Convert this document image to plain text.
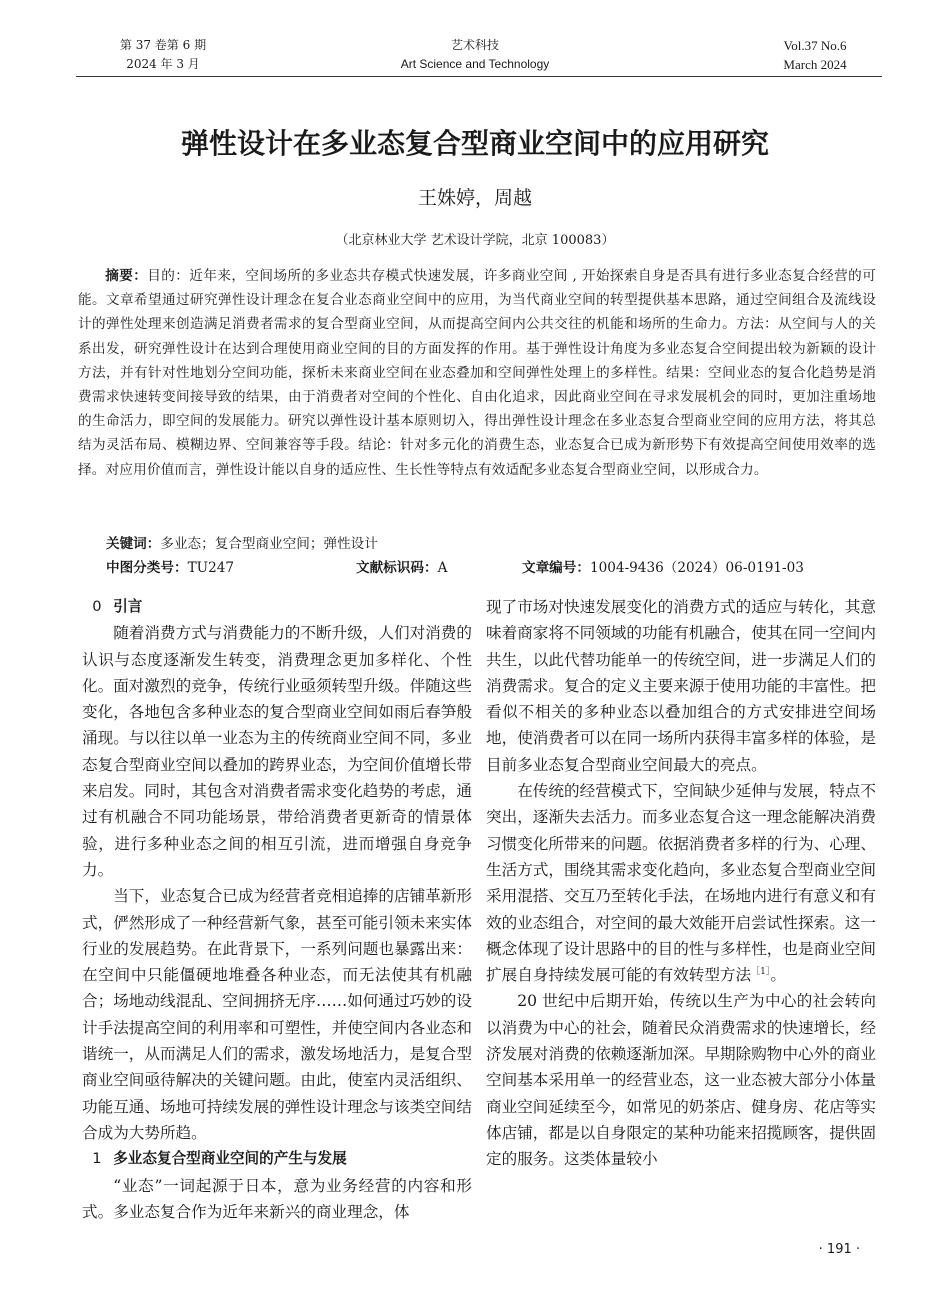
第 37 卷第 6 期
2024 年 3 月
艺术科技
Art Science and Technology
Vol.37 No.6
March 2024
弹性设计在多业态复合型商业空间中的应用研究
王姝婷，周越
（北京林业大学 艺术设计学院，北京 100083）
摘要：目的：近年来，空间场所的多业态共存模式快速发展，许多商业空间 , 开始探索自身是否具有进行多业态复合经营的可能。文章希望通过研究弹性设计理念在复合业态商业空间中的应用，为当代商业空间的转型提供基本思路，通过空间组合及流线设计的弹性处理来创造满足消费者需求的复合型商业空间，从而提高空间内公共交往的机能和场所的生命力。方法：从空间与人的关系出发，研究弹性设计在达到合理使用商业空间的目的方面发挥的作用。基于弹性设计角度为多业态复合空间提出较为新颖的设计方法，并有针对性地划分空间功能，探析未来商业空间在业态叠加和空间弹性处理上的多样性。结果：空间业态的复合化趋势是消费需求快速转变间接导致的结果，由于消费者对空间的个性化、自由化追求，因此商业空间在寻求发展机会的同时，更加注重场地的生命活力，即空间的发展能力。研究以弹性设计基本原则切入，得出弹性设计理念在多业态复合型商业空间的应用方法，将其总结为灵活布局、模糊边界、空间兼容等手段。结论：针对多元化的消费生态，业态复合已成为新形势下有效提高空间使用效率的选择。对应用价值而言，弹性设计能以自身的适应性、生长性等特点有效适配多业态复合型商业空间，以形成合力。
关键词：多业态；复合型商业空间；弹性设计
中图分类号：TU247	文献标识码：A	文章编号：1004-9436（2024）06-0191-03

0 引言

随着消费方式与消费能力的不断升级，人们对消费的认识与态度逐渐发生转变，消费理念更加多样化、个性化。面对激烈的竞争，传统行业亟须转型升级。伴随这些变化，各地包含多种业态的复合型商业空间如雨后春笋般涌现。与以往以单一业态为主的传统商业空间不同，多业态复合型商业空间以叠加的跨界业态，为空间价值增长带来启发。同时，其包含对消费者需求变化趋势的考虑，通过有机融合不同功能场景，带给消费者更新奇的情景体验，进行多种业态之间的相互引流，进而增强自身竞争力。

当下，业态复合已成为经营者竞相追捧的店铺革新形式，俨然形成了一种经营新气象，甚至可能引领未来实体行业的发展趋势。在此背景下，一系列问题也暴露出来：在空间中只能僵硬地堆叠各种业态，而无法使其有机融合；场地动线混乱、空间拥挤无序……如何通过巧妙的设计手法提高空间的利用率和可塑性，并使空间内各业态和谐统一，从而满足人们的需求，激发场地活力，是复合型商业空间亟待解决的关键问题。由此，使室内灵活组织、功能互通、场地可持续发展的弹性设计理念与该类空间结合成为大势所趋。

1 多业态复合型商业空间的产生与发展

“业态”一词起源于日本，意为业务经营的内容和形式。多业态复合作为近年来新兴的商业理念，体

现了市场对快速发展变化的消费方式的适应与转化，其意味着商家将不同领域的功能有机融合，使其在同一空间内共生，以此代替功能单一的传统空间，进一步满足人们的消费需求。复合的定义主要来源于使用功能的丰富性。把看似不相关的多种业态以叠加组合的方式安排进空间场地，使消费者可以在同一场所内获得丰富多样的体验，是目前多业态复合型商业空间最大的亮点。

在传统的经营模式下，空间缺少延伸与发展，特点不突出，逐渐失去活力。而多业态复合这一理念能解决消费习惯变化所带来的问题。依据消费者多样的行为、心理、生活方式，围绕其需求变化趋向，多业态复合型商业空间采用混搭、交互乃至转化手法，在场地内进行有意义和有效的业态组合，对空间的最大效能开启尝试性探索。这一概念体现了设计思路中的目的性与多样性，也是商业空间扩展自身持续发展可能的有效转型方法$^{[1]}$。

20 世纪中后期开始，传统以生产为中心的社会转向以消费为中心的社会，随着民众消费需求的快速增长，经济发展对消费的依赖逐渐加深。早期除购物中心外的商业空间基本采用单一的经营业态，这一业态被大部分小体量商业空间延续至今，如常见的奶茶店、健身房、花店等实体店铺，都是以自身限定的某种功能来招揽顾客，提供固定的服务。这类体量较小

· 191 ·
